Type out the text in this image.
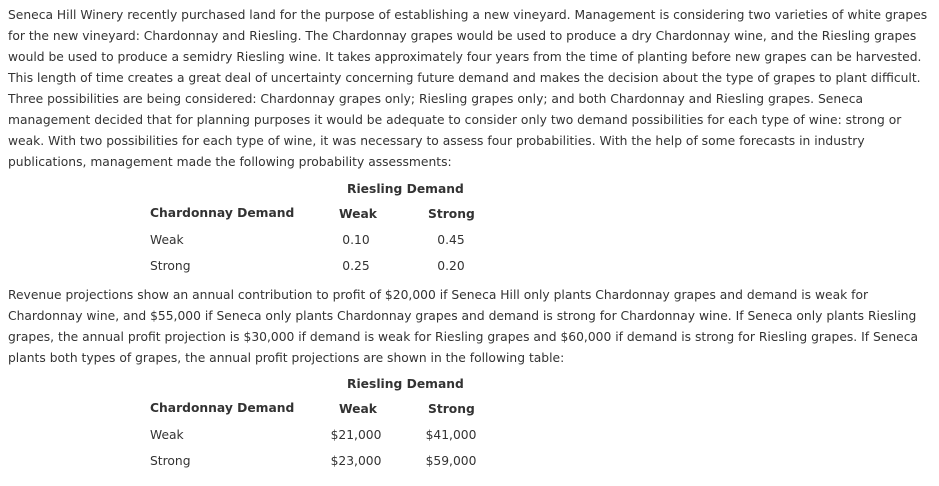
Seneca Hill Winery recently purchased land for the purpose of establishing a new vineyard. Management is considering two varieties of white grapes for the new vineyard: Chardonnay and Riesling. The Chardonnay grapes would be used to produce a dry Chardonnay wine, and the Riesling grapes would be used to produce a semidry Riesling wine. It takes approximately four years from the time of planting before new grapes can be harvested. This length of time creates a great deal of uncertainty concerning future demand and makes the decision about the type of grapes to plant difficult. Three possibilities are being considered: Chardonnay grapes only; Riesling grapes only; and both Chardonnay and Riesling grapes. Seneca management decided that for planning purposes it would be adequate to consider only two demand possibilities for each type of wine: strong or weak. With two possibilities for each type of wine, it was necessary to assess four probabilities. With the help of some forecasts in industry publications, management made the following probability assessments:

Riesling Demand
Chardonnay Demand	Weak	Strong
Weak	0.10	0.45
Strong	0.25	0.20

Revenue projections show an annual contribution to profit of $20,000 if Seneca Hill only plants Chardonnay grapes and demand is weak for Chardonnay wine, and $55,000 if Seneca only plants Chardonnay grapes and demand is strong for Chardonnay wine. If Seneca only plants Riesling grapes, the annual profit projection is $30,000 if demand is weak for Riesling grapes and $60,000 if demand is strong for Riesling grapes. If Seneca plants both types of grapes, the annual profit projections are shown in the following table:

Riesling Demand
Chardonnay Demand	Weak	Strong
Weak	$21,000	$41,000
Strong	$23,000	$59,000
